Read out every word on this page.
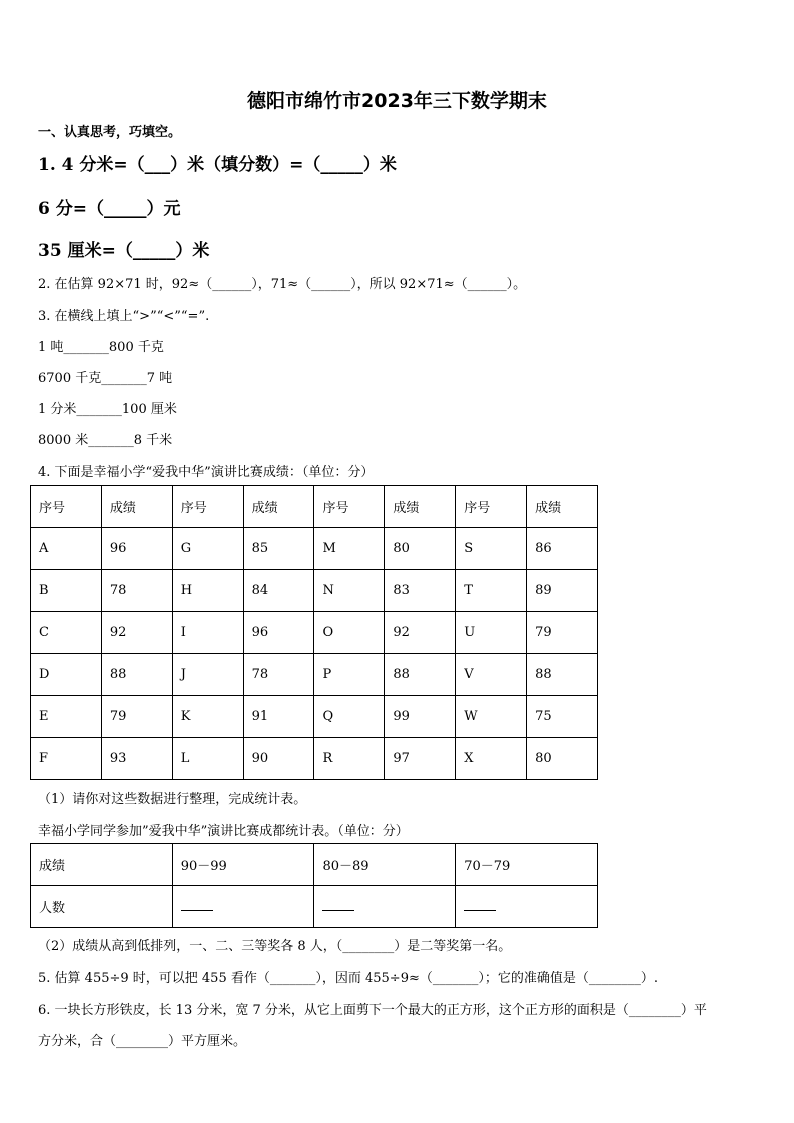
德阳市绵竹市2023年三下数学期末
一、认真思考，巧填空。
1. 4 分米=（___）米（填分数）=（_____）米
6 分=（_____）元
35 厘米=（_____）米
2. 在估算 92×71 时，92≈（______），71≈（______），所以 92×71≈（______）。
3. 在横线上填上“>”“<”“=”.
1 吨_______800 千克
6700 千克_______7 吨
1 分米_______100 厘米
8000 米_______8 千米
4. 下面是幸福小学“爱我中华”演讲比赛成绩：（单位：分）
序号	成绩	序号	成绩	序号	成绩	序号	成绩
A	96	G	85	M	80	S	86
B	78	H	84	N	83	T	89
C	92	I	96	O	92	U	79
D	88	J	78	P	88	V	88
E	79	K	91	Q	99	W	75
F	93	L	90	R	97	X	80
（1）请你对这些数据进行整理，完成统计表。
幸福小学同学参加”爱我中华”演讲比赛成都统计表。（单位：分）
成绩	90－99	80－89	70－79
人数			
（2）成绩从高到低排列，一、二、三等奖各 8 人，（________）是二等奖第一名。
5. 估算 455÷9 时，可以把 455 看作（_______），因而 455÷9≈（_______）；它的准确值是（________）.
6. 一块长方形铁皮，长 13 分米，宽 7 分米，从它上面剪下一个最大的正方形，这个正方形的面积是（________）平
方分米，合（________）平方厘米。
